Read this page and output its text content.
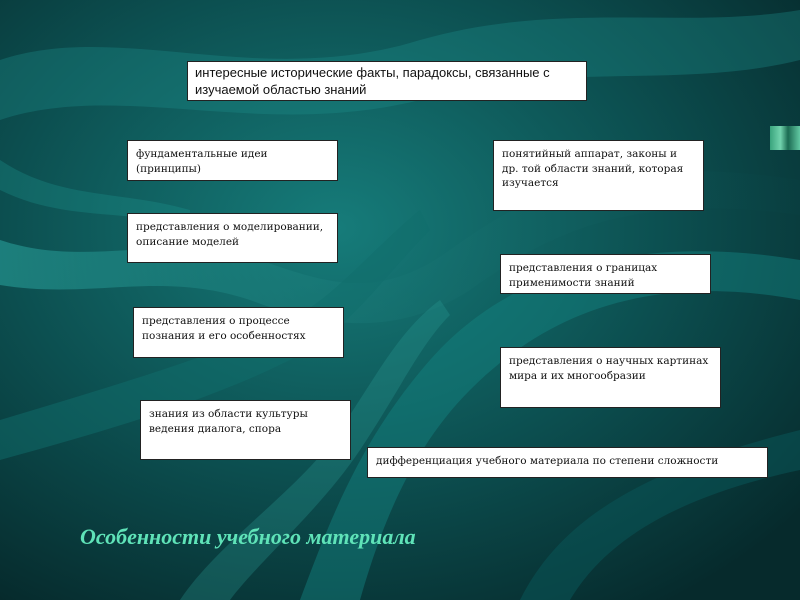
интересные исторические факты, парадоксы, связанные с изучаемой областью знаний
фундаментальные идеи (принципы)
понятийный аппарат, законы и др. той области знаний, которая изучается
представления о моделировании, описание моделей
представления о границах применимости знаний
представления о процессе познания и его особенностях
представления о научных картинах мира и их многообразии
знания из области культуры ведения диалога, спора
дифференциация учебного материала по степени сложности
Особенности учебного материала
